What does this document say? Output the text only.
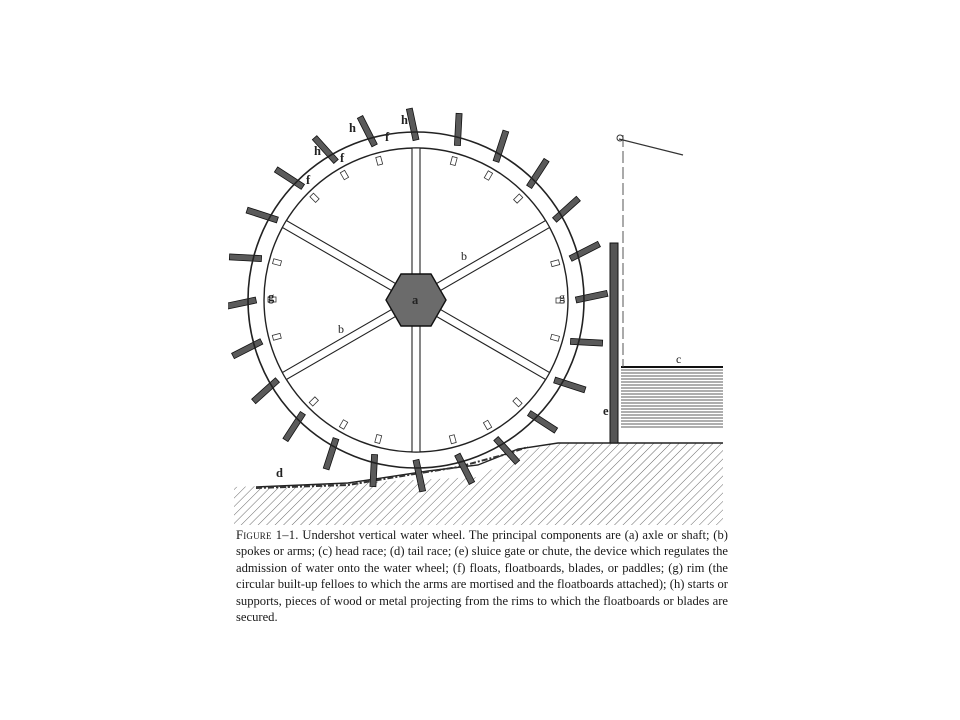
a
b
b
c
d
e
f
f
f
g	g
h
h
h
Figure 1–1. Undershot vertical water wheel. The principal components are (a) axle or shaft; (b) spokes or arms; (c) head race; (d) tail race; (e) sluice gate or chute, the device which regulates the admission of water onto the water wheel; (f) floats, floatboards, blades, or paddles; (g) rim (the circular built-up felloes to which the arms are mortised and the floatboards attached); (h) starts or supports, pieces of wood or metal projecting from the rims to which the floatboards or blades are secured.
